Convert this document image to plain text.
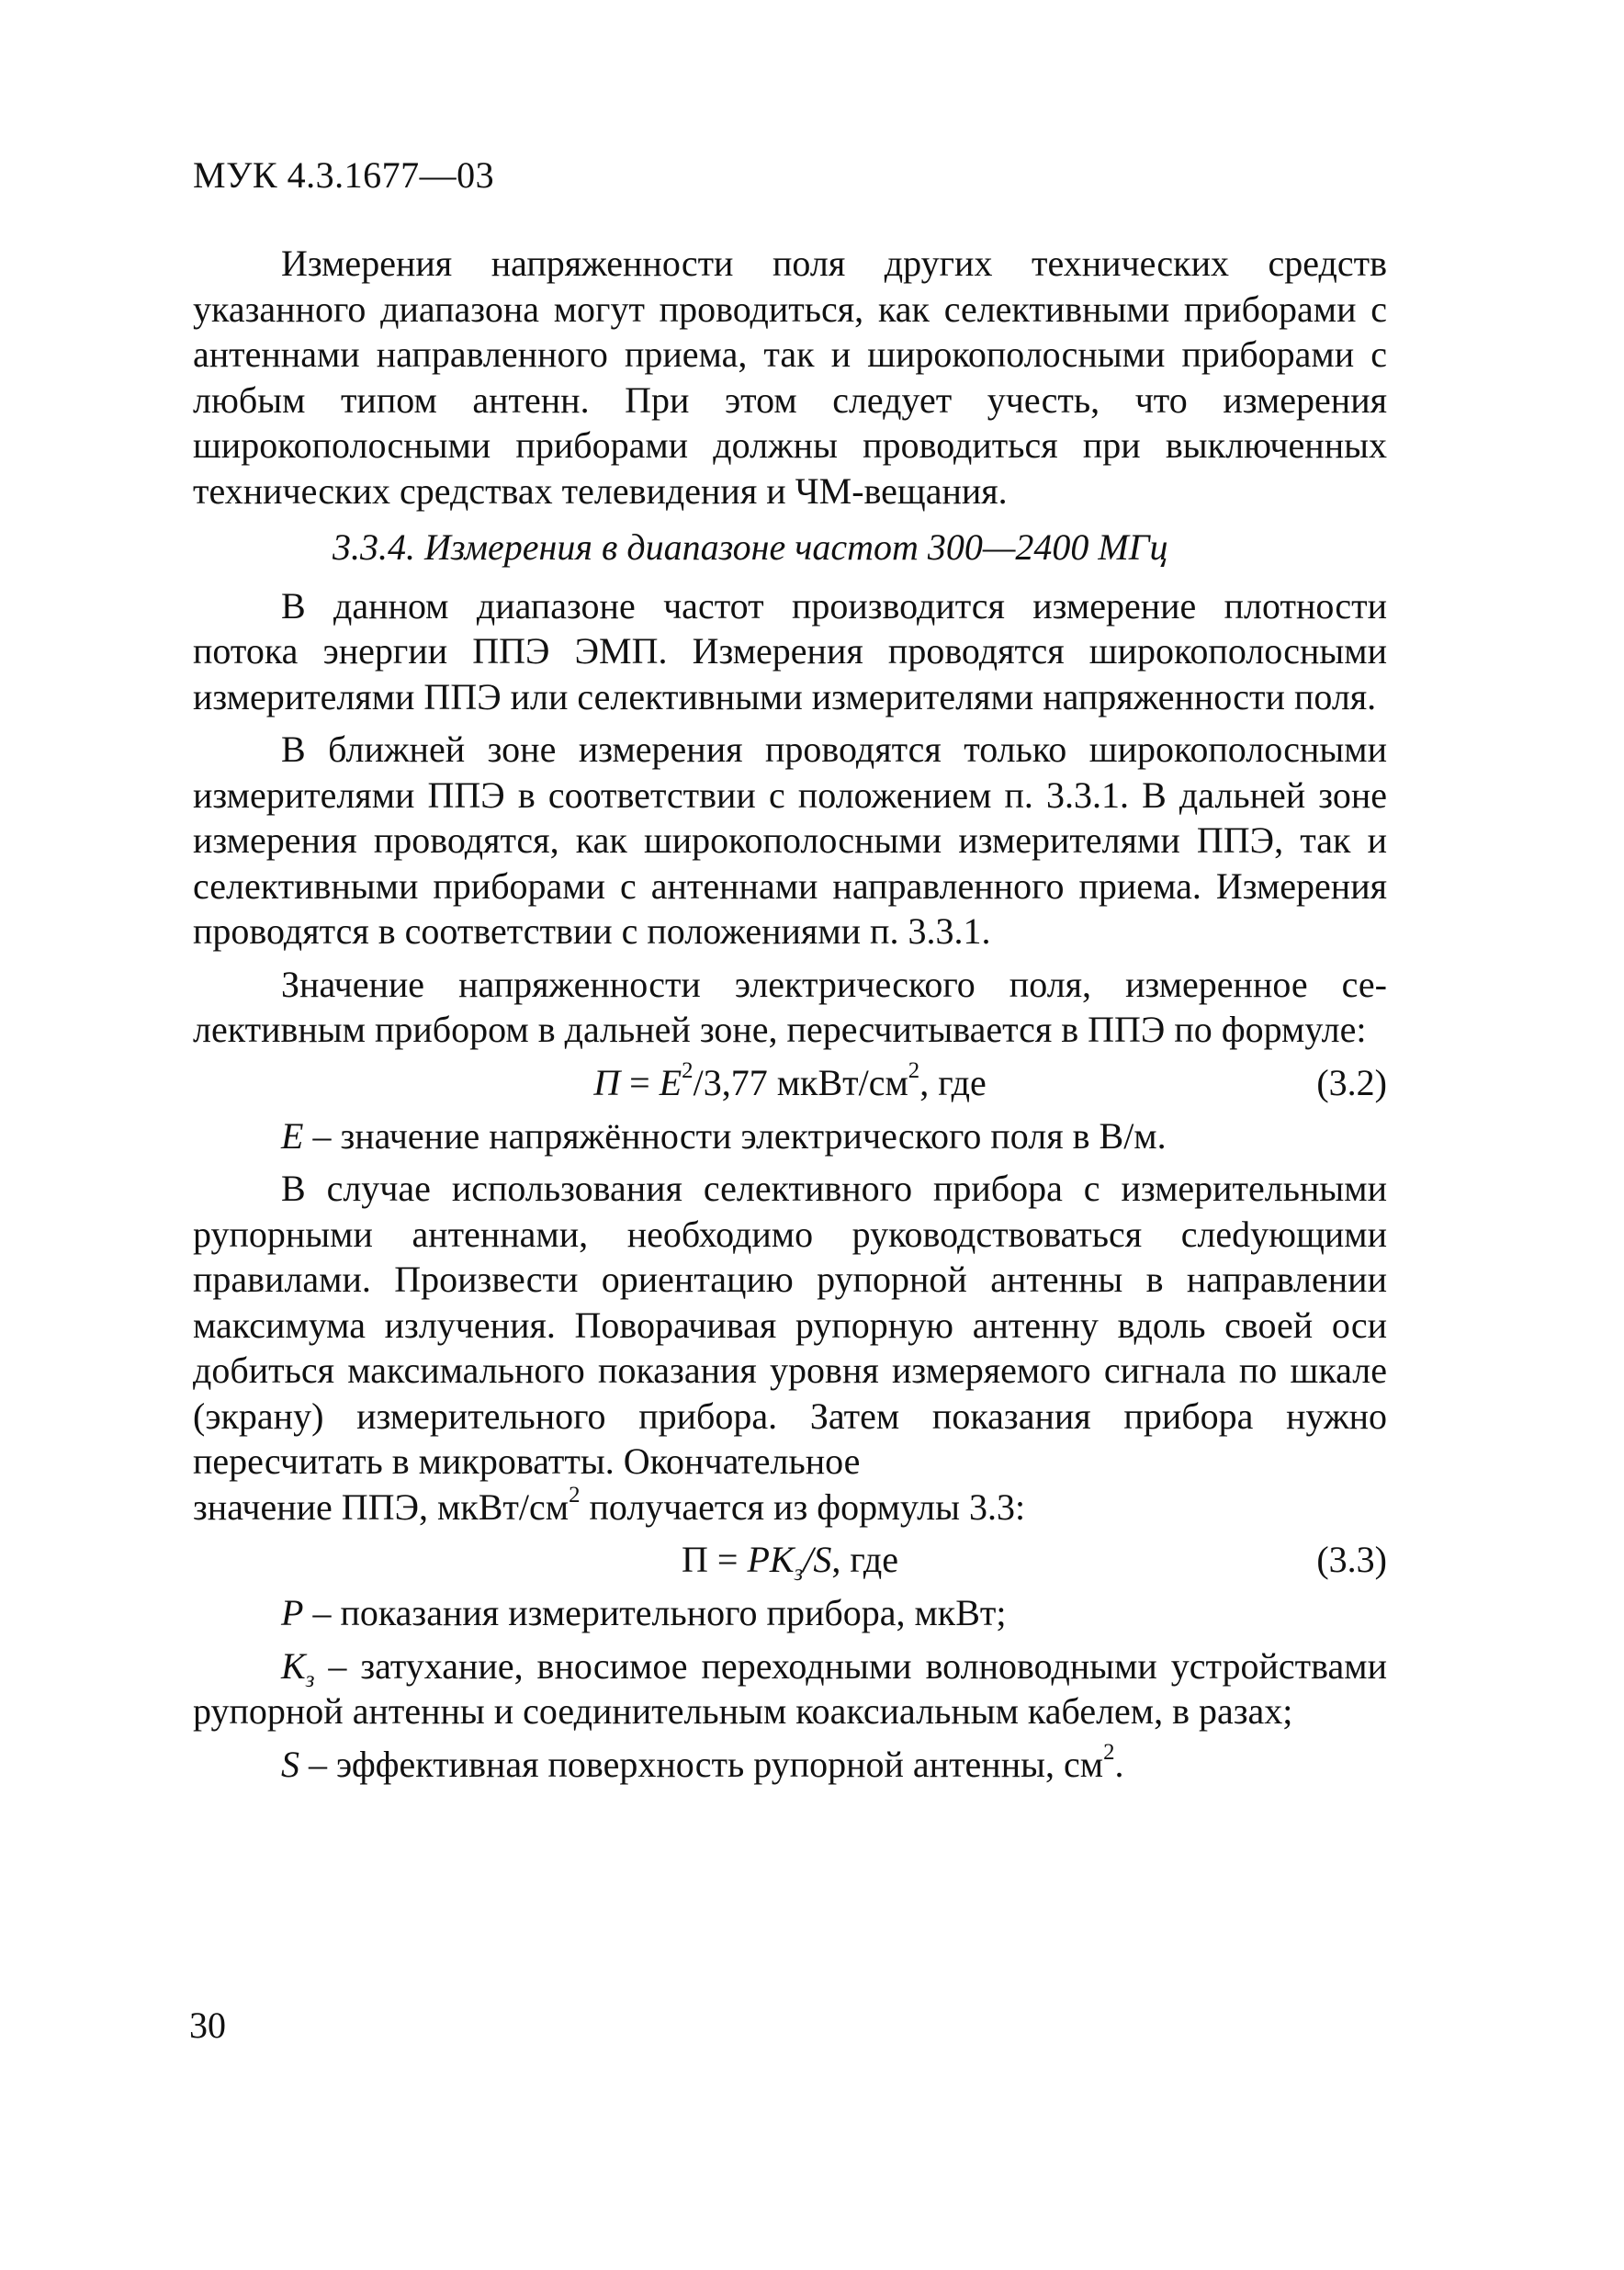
МУК 4.3.1677—03

Измерения напряженности поля других технических средств указанного диапазона могут проводиться, как селективными приборами с антеннами направленного приема, так и широкополосными приборами с любым типом антенн. При этом следует учесть, что измерения широкополосными приборами должны проводиться при выключенных технических средствах телевидения и ЧМ-вещания.

3.3.4. Измерения в диапазоне частот 300—2400 МГц

В данном диапазоне частот производится измерение плотности потока энергии ППЭ ЭМП. Измерения проводятся широкополосными измерителями ППЭ или селективными измерителями напряженности поля.

В ближней зоне измерения проводятся только широкополосными измерителями ППЭ в соответствии с положением п. 3.3.1. В дальней зоне измерения проводятся, как широкополосными измерителями ППЭ, так и селективными приборами с антеннами направленного приема. Измерения проводятся в соответствии с положениями п. 3.3.1.

Значение напряженности электрического поля, измеренное селективным прибором в дальней зоне, пересчитывается в ППЭ по формуле:

$П = E^2/3,77$ мкВт/$см^2$, где	(3.2)

E – значение напряжённости электрического поля в В/м.

В случае использования селективного прибора с измерительными рупорными антеннами, необходимо руководствоваться слеdующими правилами. Произвести ориентацию рупорной антенны в направлении максимума излучения. Поворачивая рупорную антенну вдоль своей оси добиться максимального показания уровня измеряемого сигнала по шкале (экрану) измерительного прибора. Затем показания прибора нужно пересчитать в микроватты. Окончательное

значение ППЭ, мкВт/$см^2$ получается из формулы 3.3:

$П = PK_з/S$, где	(3.3)

P – показания измерительного прибора, мкВт;

$K_з$ – затухание, вносимое переходными волноводными устройствами рупорной антенны и соединительным коаксиальным кабелем, в разах;

S – эффективная поверхность рупорной антенны, $см^2$.

30
